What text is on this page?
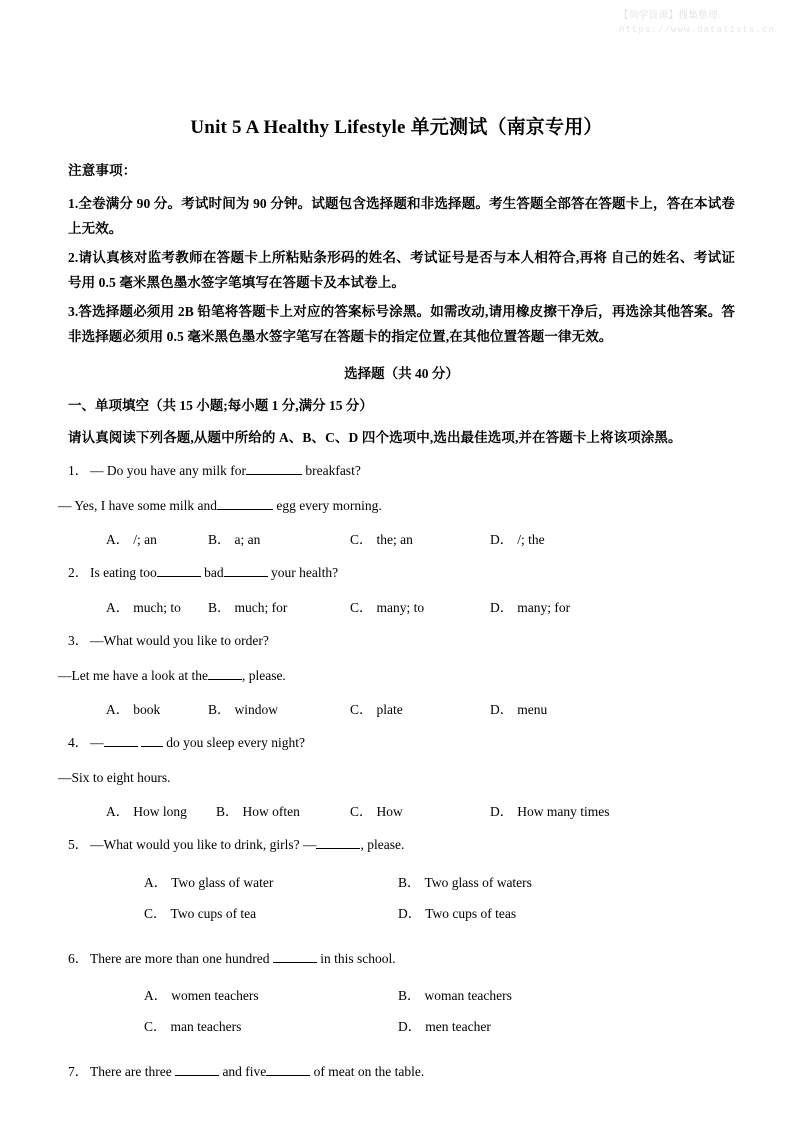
【尚学资源】搜集整理.
https://www.datalists.cn
Unit 5 A Healthy Lifestyle 单元测试（南京专用）

注意事项：

1.全卷满分 90 分。考试时间为 90 分钟。试题包含选择题和非选择题。考生答题全部答在答题卡上，答在本试卷上无效。

2.请认真核对监考教师在答题卡上所粘贴条形码的姓名、考试证号是否与本人相符合,再将 自己的姓名、考试证号用 0.5 毫米黑色墨水签字笔填写在答题卡及本试卷上。

3.答选择题必须用 2B 铅笔将答题卡上对应的答案标号涂黑。如需改动,请用橡皮擦干净后，再选涂其他答案。答非选择题必须用 0.5 毫米黑色墨水签字笔写在答题卡的指定位置,在其他位置答题一律无效。

选择题（共 40 分）

一、单项填空（共 15 小题;每小题 1 分,满分 15 分）

请认真阅读下列各题,从题中所给的 A、B、C、D 四个选项中,选出最佳选项,并在答题卡上将该项涂黑。

1． — Do you have any milk for	breakfast?

— Yes, I have some milk and	egg every morning.

A． /; an	B． a; an	C． the; an	D． /; the

2． Is eating too	bad	your health?

A． much; to B． much; for	C． many; to	D． many; for

3． —What would you like to order?

—Let me have a look at the	, please.

A． book	B． window	C． plate	D． menu

4． —	do you sleep every night?

—Six to eight hours.

A． How long B． How often	C． How	D． How many times

5． —What would you like to drink, girls? —	, please.

A． Two glass of water	B． Two glass of waters
C． Two cups of tea	D． Two cups of teas

6． There are more than one hundred	in this school.

A． women teachers	B． woman teachers
C． man teachers	D． men teacher

7． There are three	and five	of meat on the table.
